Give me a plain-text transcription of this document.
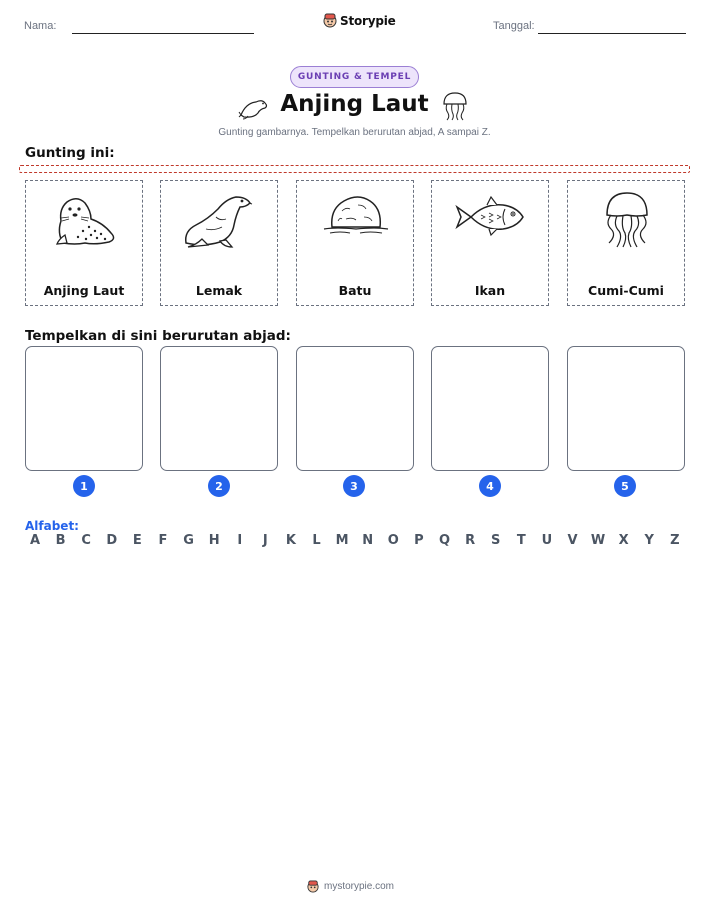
Nama:	Storypie	Tanggal:
GUNTING & TEMPEL
Anjing Laut
Gunting gambarnya. Tempelkan berurutan abjad, A sampai Z.
Gunting ini:
Anjing Laut	Lemak	Batu	Ikan	Cumi-Cumi
Tempelkan di sini berurutan abjad:
1	2	3	4	5
Alfabet:
A	B	C	D	E	F	G	H	I	J	K	L	M	N	O	P	Q	R	S	T	U	V	W	X	Y	Z
mystorypie.com
